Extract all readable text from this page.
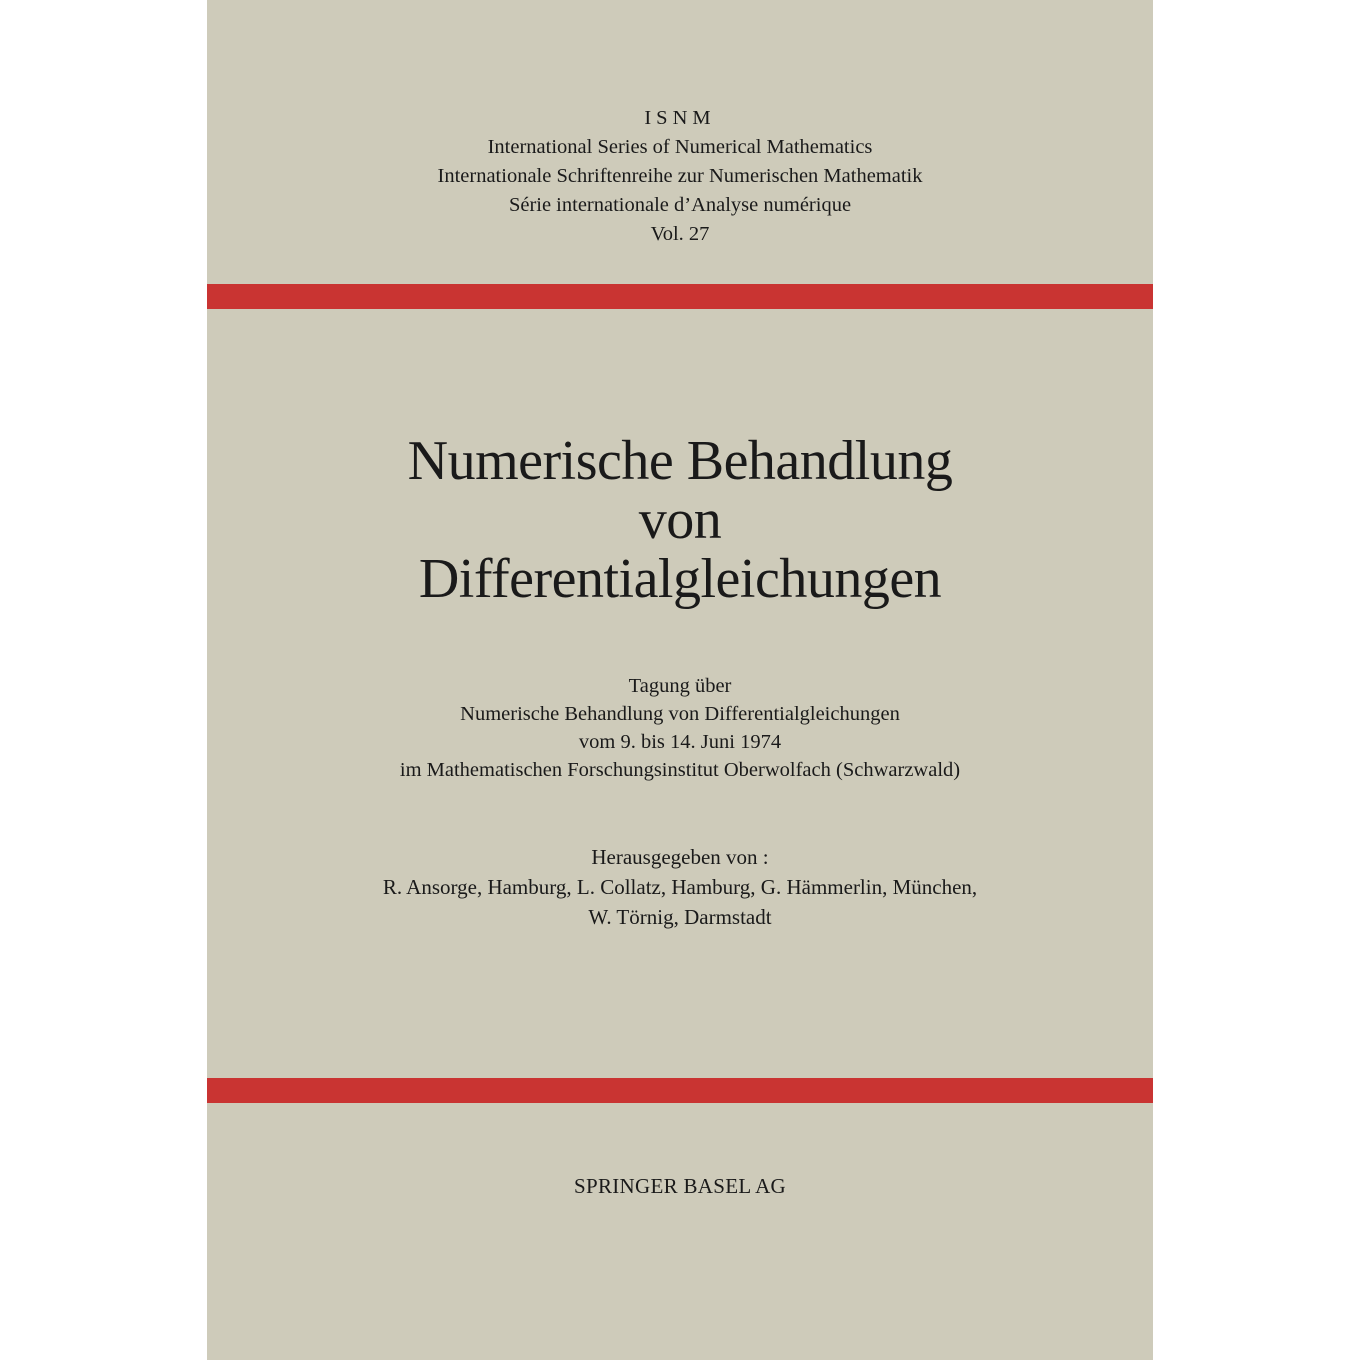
ISNM
International Series of Numerical Mathematics
Internationale Schriftenreihe zur Numerischen Mathematik
Série internationale d’Analyse numérique
Vol. 27
Numerische Behandlung
von
Differentialgleichungen
Tagung über
Numerische Behandlung von Differentialgleichungen
vom 9. bis 14. Juni 1974
im Mathematischen Forschungsinstitut Oberwolfach (Schwarzwald)
Herausgegeben von :
R. Ansorge, Hamburg, L. Collatz, Hamburg, G. Hämmerlin, München,
W. Törnig, Darmstadt
SPRINGER BASEL AG
